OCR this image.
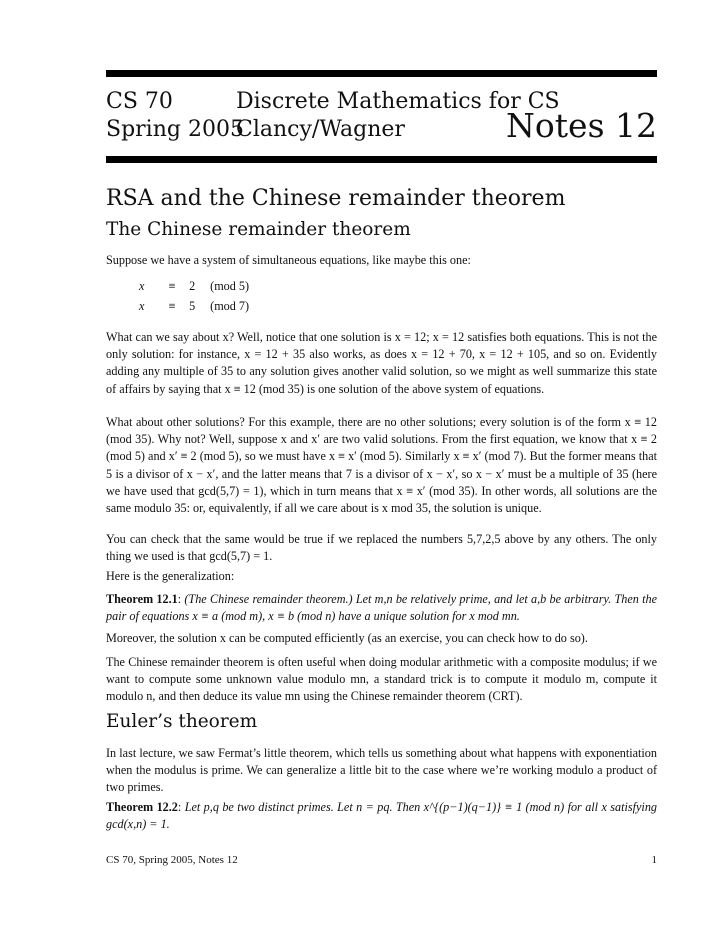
CS 70
Spring 2005
Discrete Mathematics for CS
Clancy/Wagner	Notes 12
RSA and the Chinese remainder theorem
The Chinese remainder theorem

Suppose we have a system of simultaneous equations, like maybe this one:

x ≡ 2 (mod 5)
x ≡ 5 (mod 7)

What can we say about x? Well, notice that one solution is x = 12; x = 12 satisfies both equations. This is not the only solution: for instance, x = 12 + 35 also works, as does x = 12 + 70, x = 12 + 105, and so on. Evidently adding any multiple of 35 to any solution gives another valid solution, so we might as well summarize this state of affairs by saying that x ≡ 12 (mod 35) is one solution of the above system of equations.

What about other solutions? For this example, there are no other solutions; every solution is of the form x ≡ 12 (mod 35). Why not? Well, suppose x and x′ are two valid solutions. From the first equation, we know that x ≡ 2 (mod 5) and x′ ≡ 2 (mod 5), so we must have x ≡ x′ (mod 5). Similarly x ≡ x′ (mod 7). But the former means that 5 is a divisor of x − x′, and the latter means that 7 is a divisor of x − x′, so x − x′ must be a multiple of 35 (here we have used that gcd(5,7) = 1), which in turn means that x ≡ x′ (mod 35). In other words, all solutions are the same modulo 35: or, equivalently, if all we care about is x mod 35, the solution is unique.

You can check that the same would be true if we replaced the numbers 5,7,2,5 above by any others. The only thing we used is that gcd(5,7) = 1.

Here is the generalization:

Theorem 12.1: (The Chinese remainder theorem.) Let m,n be relatively prime, and let a,b be arbitrary. Then the pair of equations x ≡ a (mod m), x ≡ b (mod n) have a unique solution for x mod mn.

Moreover, the solution x can be computed efficiently (as an exercise, you can check how to do so).

The Chinese remainder theorem is often useful when doing modular arithmetic with a composite modulus; if we want to compute some unknown value modulo mn, a standard trick is to compute it modulo m, compute it modulo n, and then deduce its value mn using the Chinese remainder theorem (CRT).

Euler’s theorem

In last lecture, we saw Fermat’s little theorem, which tells us something about what happens with exponentiation when the modulus is prime. We can generalize a little bit to the case where we’re working modulo a product of two primes.

Theorem 12.2: Let p,q be two distinct primes. Let n = pq. Then x^{(p−1)(q−1)} ≡ 1 (mod n) for all x satisfying gcd(x,n) = 1.

CS 70, Spring 2005, Notes 12	1
